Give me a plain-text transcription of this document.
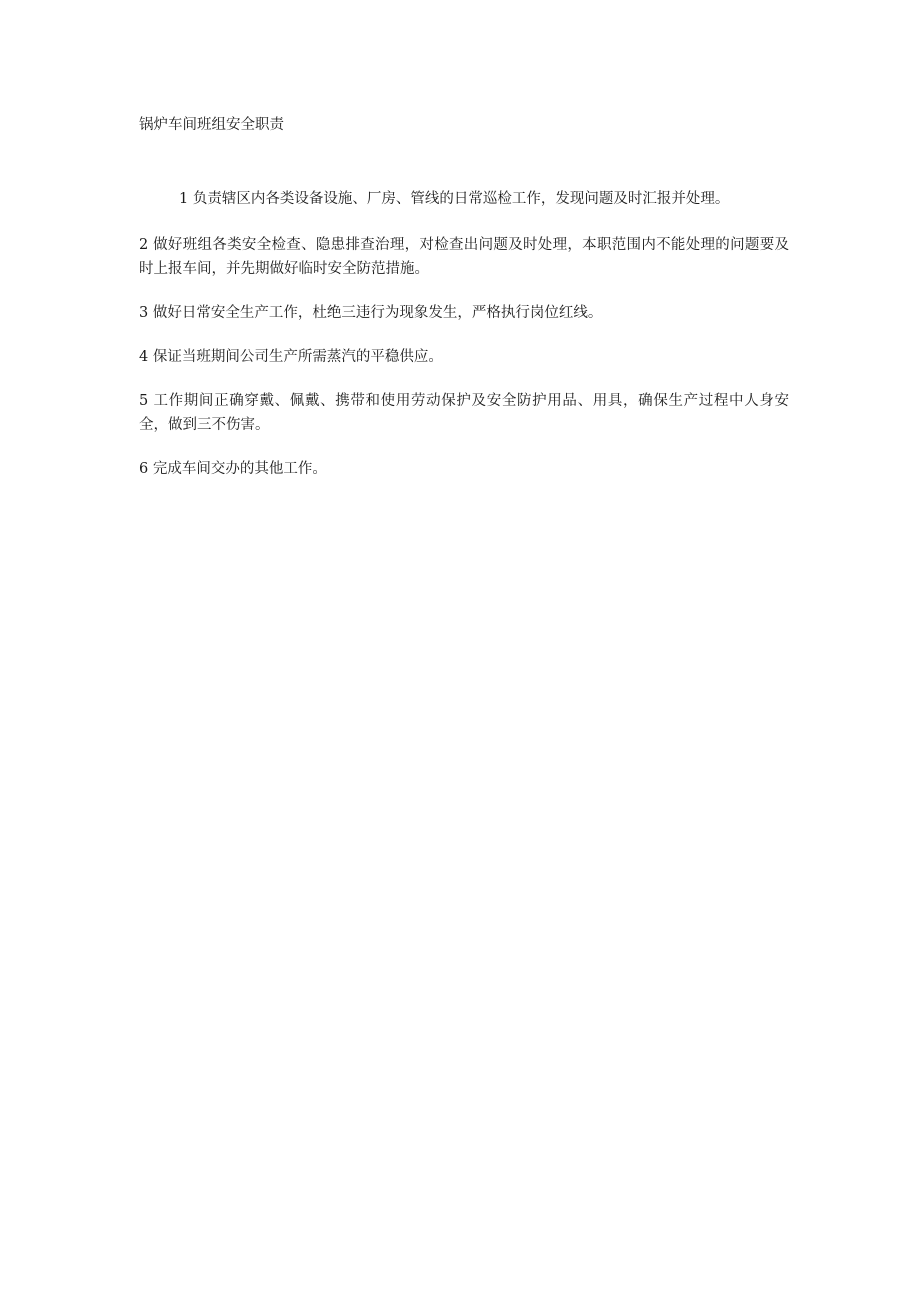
锅炉车间班组安全职责

1 负责辖区内各类设备设施、厂房、管线的日常巡检工作，发现问题及时汇报并处理。

2 做好班组各类安全检查、隐患排查治理，对检查出问题及时处理，本职范围内不能处理的问题要及时上报车间，并先期做好临时安全防范措施。

3 做好日常安全生产工作，杜绝三违行为现象发生，严格执行岗位红线。

4 保证当班期间公司生产所需蒸汽的平稳供应。

5 工作期间正确穿戴、佩戴、携带和使用劳动保护及安全防护用品、用具，确保生产过程中人身安全，做到三不伤害。

6 完成车间交办的其他工作。
